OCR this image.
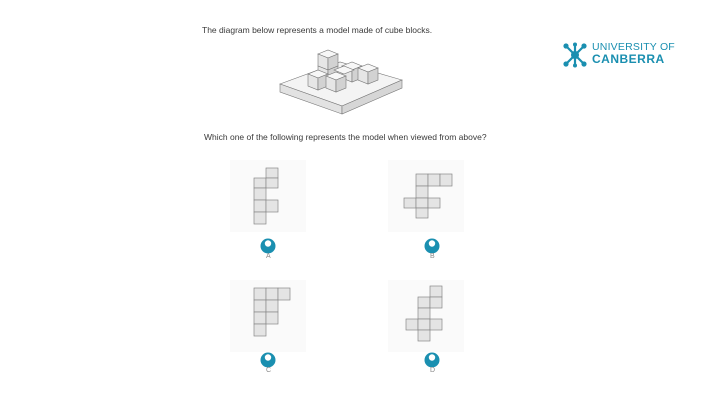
The diagram below represents a model made of cube blocks.
UNIVERSITY OF
CANBERRA
Which one of the following represents the model when viewed from above?
A	B
C	D
